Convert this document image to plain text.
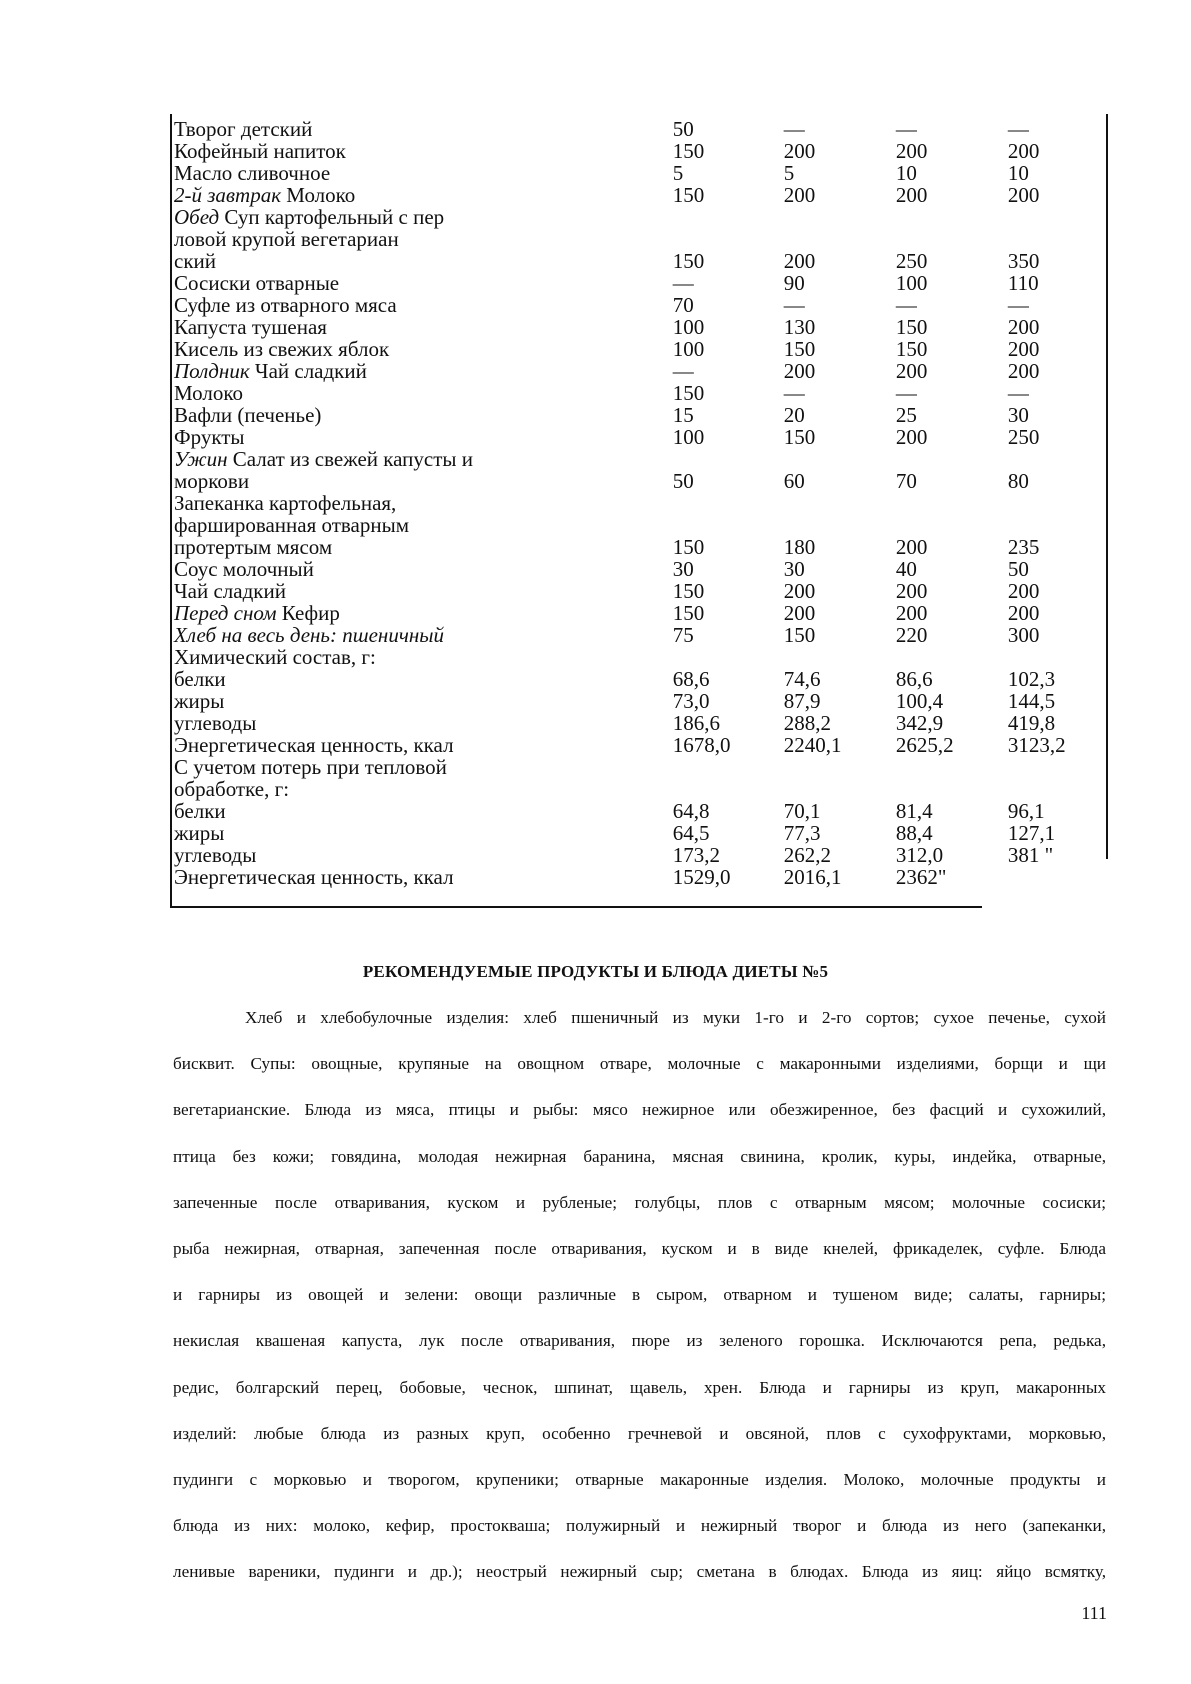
Творог детский	50	—	—	—
Кофейный напиток	150	200	200	200
Масло сливочное	5	5	10	10
2-й завтрак Молоко	150	200	200	200
Обед Суп картофельный с пер
ловой крупой вегетариан
ский	150	200	250	350
Сосиски отварные	—	90	100	110
Суфле из отварного мяса	70	—	—	—
Капуста тушеная	100	130	150	200
Кисель из свежих яблок	100	150	150	200
Полдник Чай сладкий	—	200	200	200
Молоко	150	—	—	—
Вафли (печенье)	15	20	25	30
Фрукты	100	150	200	250
Ужин Салат из свежей капусты и
моркови	50	60	70	80
Запеканка картофельная,
фаршированная отварным
протертым мясом	150	180	200	235
Соус молочный	30	30	40	50
Чай сладкий	150	200	200	200
Перед сном Кефир	150	200	200	200
Хлеб на весь день: пшеничный	75	150	220	300
Химический состав, г:
белки	68,6	74,6	86,6	102,3
жиры	73,0	87,9	100,4	144,5
углеводы	186,6	288,2	342,9	419,8
Энергетическая ценность, ккал	1678,0	2240,1	2625,2	3123,2
С учетом потерь при тепловой
обработке, г:
белки	64,8	70,1	81,4	96,1
жиры	64,5	77,3	88,4	127,1
углеводы	173,2	262,2	312,0	381 "
Энергетическая ценность, ккал	1529,0	2016,1	2362"
РЕКОМЕНДУЕМЫЕ ПРОДУКТЫ И БЛЮДА ДИЕТЫ №5
Хлеб и хлебобулочные изделия: хлеб пшеничный из муки 1-го и 2-го сортов; сухое печенье, сухой
бисквит. Супы: овощные, крупяные на овощном отваре, молочные с макаронными изделиями, борщи и щи
вегетарианские. Блюда из мяса, птицы и рыбы: мясо нежирное или обезжиренное, без фасций и сухожилий,
птица без кожи; говядина, молодая нежирная баранина, мясная свинина, кролик, куры, индейка, отварные,
запеченные после отваривания, куском и рубленые; голубцы, плов с отварным мясом; молочные сосиски;
рыба нежирная, отварная, запеченная после отваривания, куском и в виде кнелей, фрикаделек, суфле. Блюда
и гарниры из овощей и зелени: овощи различные в сыром, отварном и тушеном виде; салаты, гарниры;
некислая квашеная капуста, лук после отваривания, пюре из зеленого горошка. Исключаются репа, редька,
редис, болгарский перец, бобовые, чеснок, шпинат, щавель, хрен. Блюда и гарниры из круп, макаронных
изделий: любые блюда из разных круп, особенно гречневой и овсяной, плов с сухофруктами, морковью,
пудинги с морковью и творогом, крупеники; отварные макаронные изделия. Молоко, молочные продукты и
блюда из них: молоко, кефир, простокваша; полужирный и нежирный творог и блюда из него (запеканки,
ленивые вареники, пудинги и др.); неострый нежирный сыр; сметана в блюдах. Блюда из яиц: яйцо всмятку,
111
